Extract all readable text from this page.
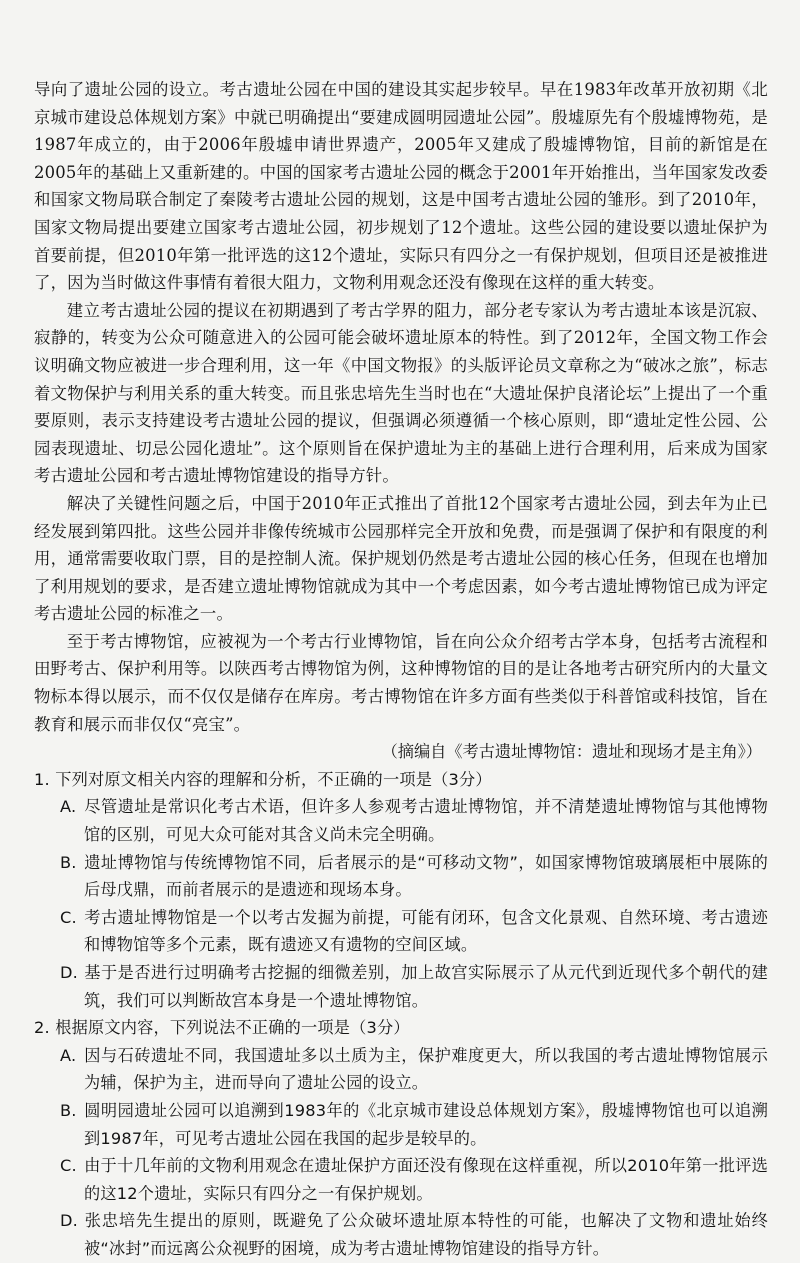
导向了遗址公园的设立。考古遗址公园在中国的建设其实起步较早。早在1983年改革开放初期《北京城市建设总体规划方案》中就已明确提出“要建成圆明园遗址公园”。殷墟原先有个殷墟博物苑，是1987年成立的，由于2006年殷墟申请世界遗产，2005年又建成了殷墟博物馆，目前的新馆是在2005年的基础上又重新建的。中国的国家考古遗址公园的概念于2001年开始推出，当年国家发改委和国家文物局联合制定了秦陵考古遗址公园的规划，这是中国考古遗址公园的雏形。到了2010年，国家文物局提出要建立国家考古遗址公园，初步规划了12个遗址。这些公园的建设要以遗址保护为首要前提，但2010年第一批评选的这12个遗址，实际只有四分之一有保护规划，但项目还是被推进了，因为当时做这件事情有着很大阻力，文物利用观念还没有像现在这样的重大转变。

建立考古遗址公园的提议在初期遇到了考古学界的阻力，部分老专家认为考古遗址本该是沉寂、寂静的，转变为公众可随意进入的公园可能会破坏遗址原本的特性。到了2012年，全国文物工作会议明确文物应被进一步合理利用，这一年《中国文物报》的头版评论员文章称之为“破冰之旅”，标志着文物保护与利用关系的重大转变。而且张忠培先生当时也在“大遗址保护良渚论坛”上提出了一个重要原则，表示支持建设考古遗址公园的提议，但强调必须遵循一个核心原则，即“遗址定性公园、公园表现遗址、切忌公园化遗址”。这个原则旨在保护遗址为主的基础上进行合理利用，后来成为国家考古遗址公园和考古遗址博物馆建设的指导方针。

解决了关键性问题之后，中国于2010年正式推出了首批12个国家考古遗址公园，到去年为止已经发展到第四批。这些公园并非像传统城市公园那样完全开放和免费，而是强调了保护和有限度的利用，通常需要收取门票，目的是控制人流。保护规划仍然是考古遗址公园的核心任务，但现在也增加了利用规划的要求，是否建立遗址博物馆就成为其中一个考虑因素，如今考古遗址博物馆已成为评定考古遗址公园的标准之一。

至于考古博物馆，应被视为一个考古行业博物馆，旨在向公众介绍考古学本身，包括考古流程和田野考古、保护利用等。以陕西考古博物馆为例，这种博物馆的目的是让各地考古研究所内的大量文物标本得以展示，而不仅仅是储存在库房。考古博物馆在许多方面有些类似于科普馆或科技馆，旨在教育和展示而非仅仅“亮宝”。

（摘编自《考古遗址博物馆：遗址和现场才是主角》）

1. 下列对原文相关内容的理解和分析，不正确的一项是（3分）

A. 尽管遗址是常识化考古术语，但许多人参观考古遗址博物馆，并不清楚遗址博物馆与其他博物馆的区别，可见大众可能对其含义尚未完全明确。

B. 遗址博物馆与传统博物馆不同，后者展示的是“可移动文物”，如国家博物馆玻璃展柜中展陈的后母戊鼎，而前者展示的是遗迹和现场本身。

C. 考古遗址博物馆是一个以考古发掘为前提，可能有闭环，包含文化景观、自然环境、考古遗迹和博物馆等多个元素，既有遗迹又有遗物的空间区域。

D. 基于是否进行过明确考古挖掘的细微差别，加上故宫实际展示了从元代到近现代多个朝代的建筑，我们可以判断故宫本身是一个遗址博物馆。

2. 根据原文内容，下列说法不正确的一项是（3分）

A. 因与石砖遗址不同，我国遗址多以土质为主，保护难度更大，所以我国的考古遗址博物馆展示为辅，保护为主，进而导向了遗址公园的设立。

B. 圆明园遗址公园可以追溯到1983年的《北京城市建设总体规划方案》，殷墟博物馆也可以追溯到1987年，可见考古遗址公园在我国的起步是较早的。

C. 由于十几年前的文物利用观念在遗址保护方面还没有像现在这样重视，所以2010年第一批评选的这12个遗址，实际只有四分之一有保护规划。

D. 张忠培先生提出的原则，既避免了公众破坏遗址原本特性的可能，也解决了文物和遗址始终被“冰封”而远离公众视野的困境，成为考古遗址博物馆建设的指导方针。
